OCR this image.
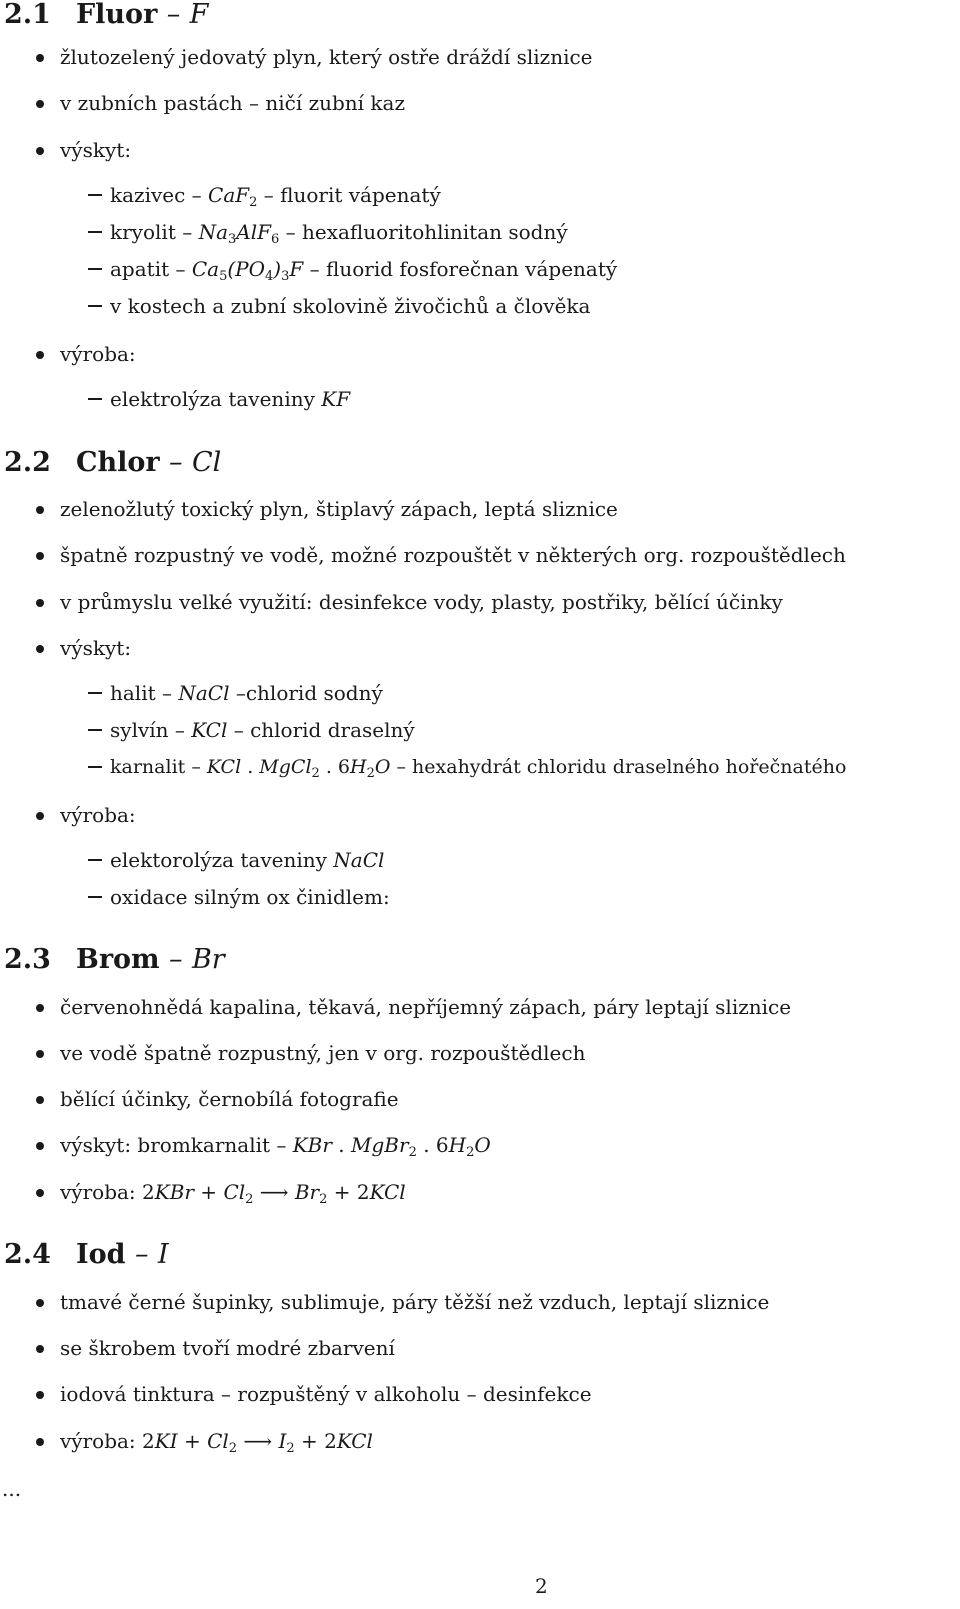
2.1 Fluor – F
žlutozelený jedovatý plyn, který ostře dráždí sliznice
v zubních pastách – ničí zubní kaz
výskyt:
kazivec – CaF$_2$ – fluorit vápenatý
kryolit – $Na_3AlF_6$ – hexafluoritohlinitan sodný
apatit – $Ca_5(PO_4)_3F$ – fluorid fosforečnan vápenatý
v kostech a zubní skolovině živočichů a člověka
výroba:
elektrolýza taveniny KF
2.2 Chlor – Cl
zelenožlutý toxický plyn, štiplavý zápach, leptá sliznice
špatně rozpustný ve vodě, možné rozpouštět v některých org. rozpouštědlech
v průmyslu velké využití: desinfekce vody, plasty, postřiky, bělící účinky
výskyt:
halit – NaCl –chlorid sodný
sylvín – KCl – chlorid draselný
karnalit – KCl . MgCl$_2$ . $6H_2O$ – hexahydrát chloridu draselného hořečnatého
výroba:
elektorolýza taveniny NaCl
oxidace silným ox činidlem:
2.3 Brom – Br
červenohnědá kapalina, těkavá, nepříjemný zápach, páry leptají sliznice
ve vodě špatně rozpustný, jen v org. rozpouštědlech
bělící účinky, černobílá fotografie
výskyt: bromkarnalit – KBr . MgBr$_2$ . $6H_2O$
výroba: $2KBr + Cl_2$ ⟶ $Br_2 + 2KCl$
2.4 Iod – I
tmavé černé šupinky, sublimuje, páry těžší než vzduch, leptají sliznice
se škrobem tvoří modré zbarvení
iodová tinktura – rozpuštěný v alkoholu – desinfekce
výroba: $2KI + Cl_2$ ⟶ $I_2 + 2KCl$
...
2
